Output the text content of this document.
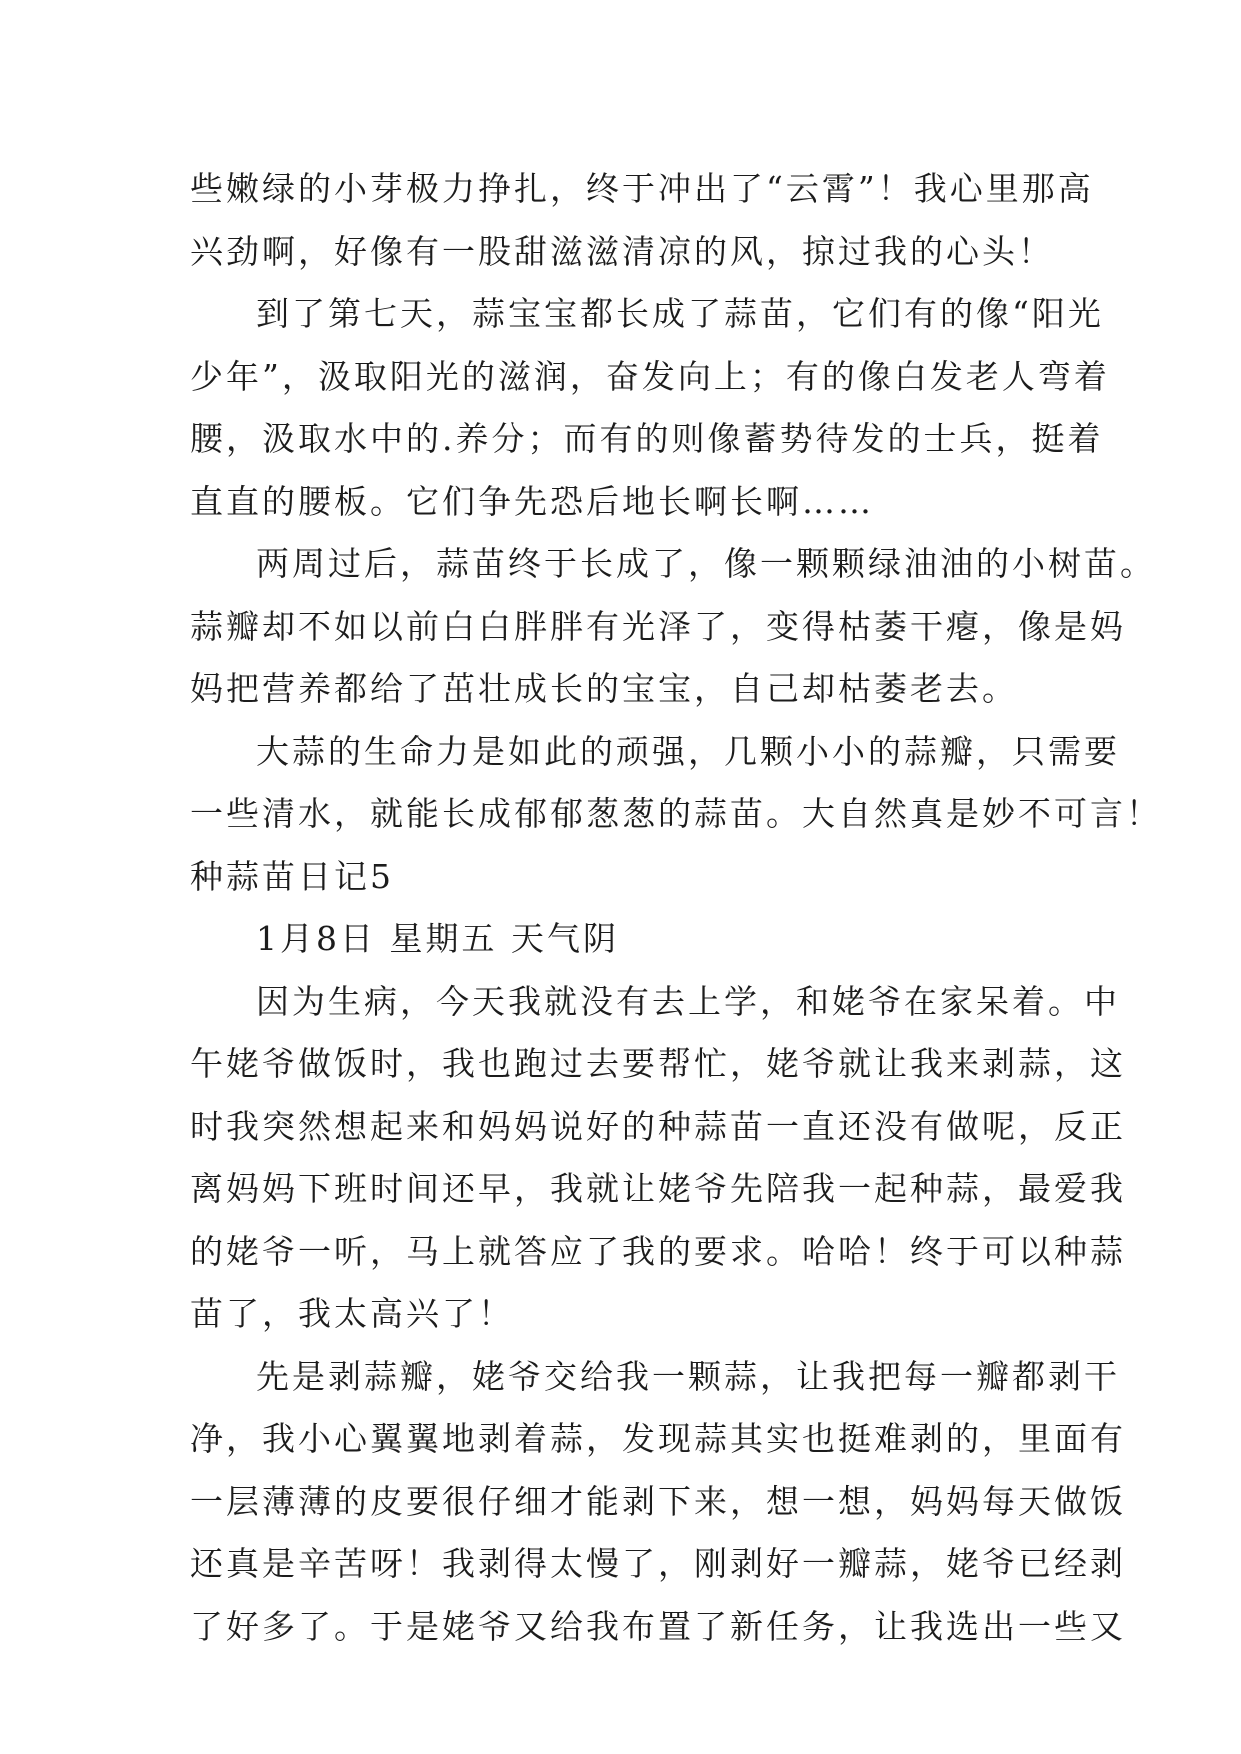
些嫩绿的小芽极力挣扎，终于冲出了“云霄”！我心里那高
兴劲啊，好像有一股甜滋滋清凉的风，掠过我的心头！
到了第七天，蒜宝宝都长成了蒜苗，它们有的像“阳光
少年”，汲取阳光的滋润，奋发向上；有的像白发老人弯着
腰，汲取水中的.养分；而有的则像蓄势待发的士兵，挺着
直直的腰板。它们争先恐后地长啊长啊……
两周过后，蒜苗终于长成了，像一颗颗绿油油的小树苗。
蒜瓣却不如以前白白胖胖有光泽了，变得枯萎干瘪，像是妈
妈把营养都给了茁壮成长的宝宝，自己却枯萎老去。
大蒜的生命力是如此的顽强，几颗小小的蒜瓣，只需要
一些清水，就能长成郁郁葱葱的蒜苗。大自然真是妙不可言！
种蒜苗日记5
1月8日 星期五 天气阴
因为生病，今天我就没有去上学，和姥爷在家呆着。中
午姥爷做饭时，我也跑过去要帮忙，姥爷就让我来剥蒜，这
时我突然想起来和妈妈说好的种蒜苗一直还没有做呢，反正
离妈妈下班时间还早，我就让姥爷先陪我一起种蒜，最爱我
的姥爷一听，马上就答应了我的要求。哈哈！终于可以种蒜
苗了，我太高兴了！
先是剥蒜瓣，姥爷交给我一颗蒜，让我把每一瓣都剥干
净，我小心翼翼地剥着蒜，发现蒜其实也挺难剥的，里面有
一层薄薄的皮要很仔细才能剥下来，想一想，妈妈每天做饭
还真是辛苦呀！我剥得太慢了，刚剥好一瓣蒜，姥爷已经剥
了好多了。于是姥爷又给我布置了新任务，让我选出一些又
